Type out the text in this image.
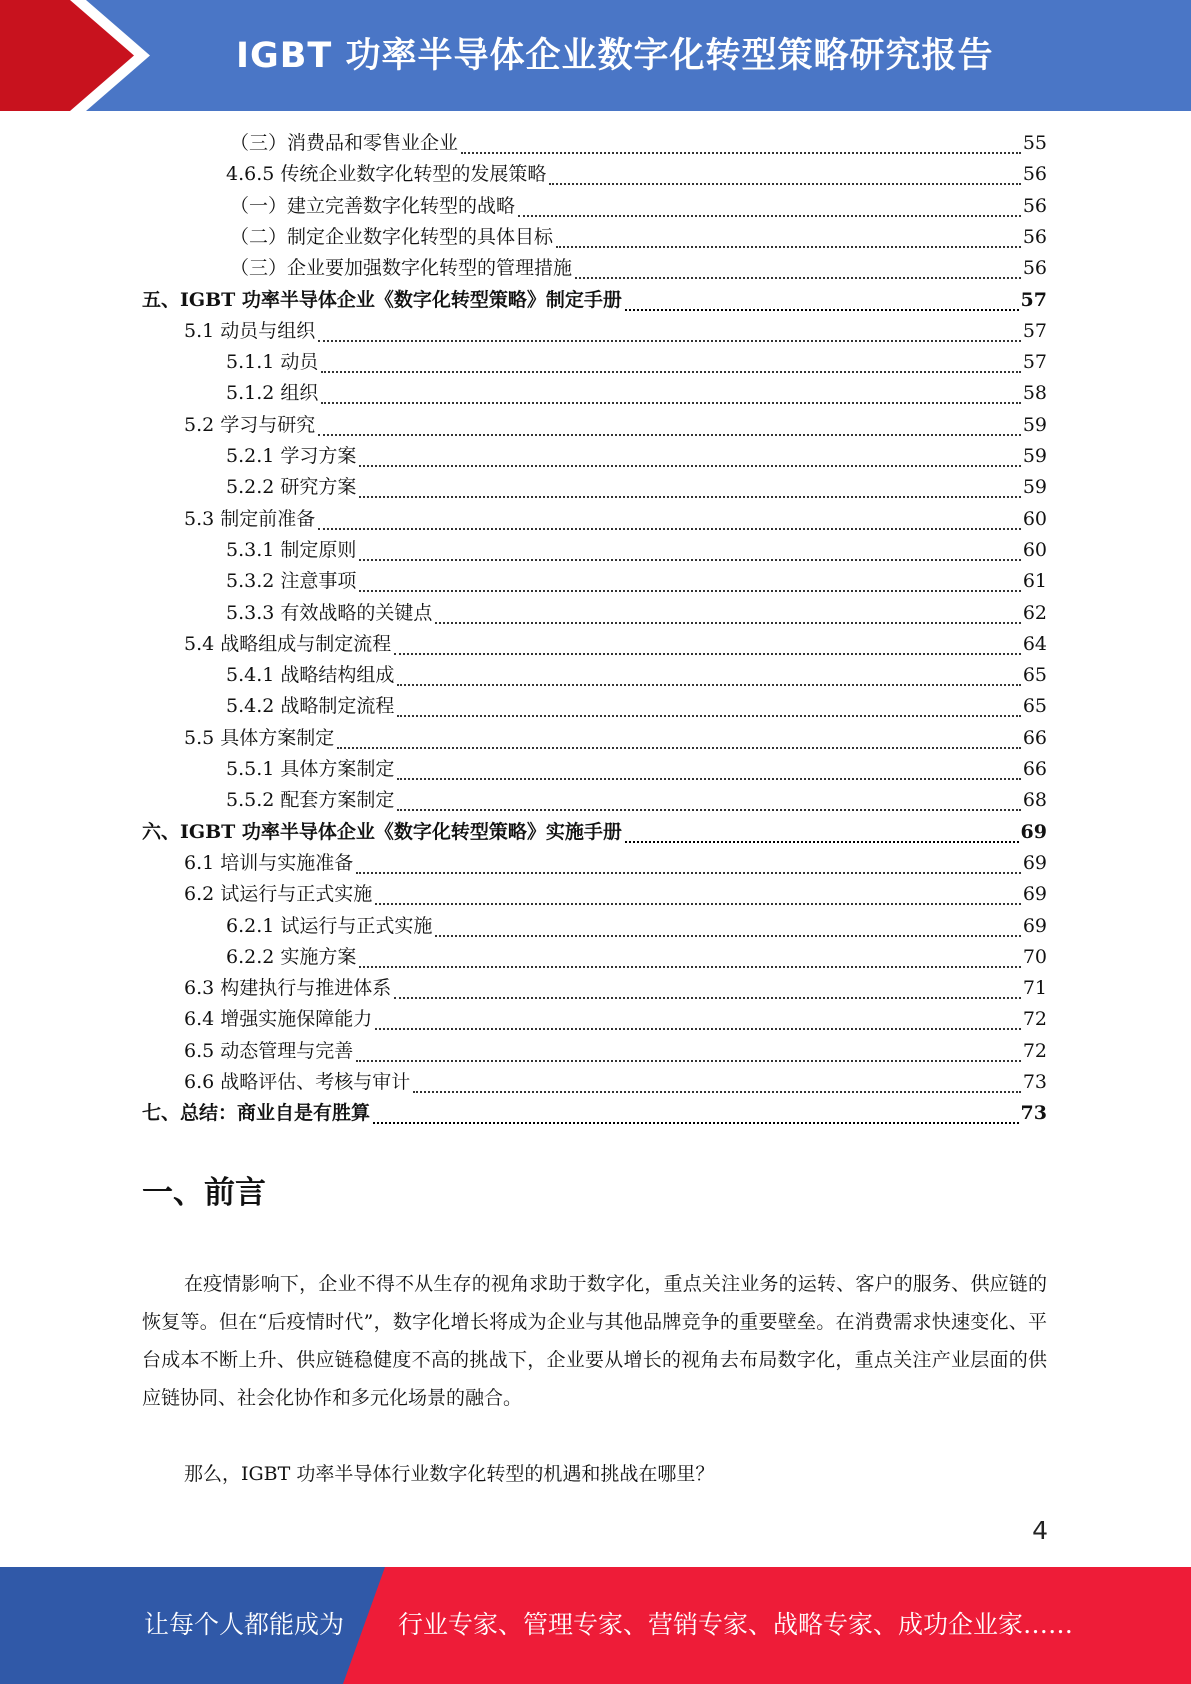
IGBT 功率半导体企业数字化转型策略研究报告
（三）消费品和零售业企业	55
4.6.5 传统企业数字化转型的发展策略	56
（一）建立完善数字化转型的战略	56
（二）制定企业数字化转型的具体目标	56
（三）企业要加强数字化转型的管理措施	56
五、IGBT 功率半导体企业《数字化转型策略》制定手册	57
5.1 动员与组织	57
5.1.1 动员	57
5.1.2 组织	58
5.2 学习与研究	59
5.2.1 学习方案	59
5.2.2 研究方案	59
5.3 制定前准备	60
5.3.1 制定原则	60
5.3.2 注意事项	61
5.3.3 有效战略的关键点	62
5.4 战略组成与制定流程	64
5.4.1 战略结构组成	65
5.4.2 战略制定流程	65
5.5 具体方案制定	66
5.5.1 具体方案制定	66
5.5.2 配套方案制定	68
六、IGBT 功率半导体企业《数字化转型策略》实施手册	69
6.1 培训与实施准备	69
6.2 试运行与正式实施	69
6.2.1 试运行与正式实施	69
6.2.2 实施方案	70
6.3 构建执行与推进体系	71
6.4 增强实施保障能力	72
6.5 动态管理与完善	72
6.6 战略评估、考核与审计	73
七、总结：商业自是有胜算	73
一、前言
在疫情影响下，企业不得不从生存的视角求助于数字化，重点关注业务的运转、客户的服务、供应链的恢复等。但在“后疫情时代”，数字化增长将成为企业与其他品牌竞争的重要壁垒。在消费需求快速变化、平台成本不断上升、供应链稳健度不高的挑战下，企业要从增长的视角去布局数字化，重点关注产业层面的供应链协同、社会化协作和多元化场景的融合。
那么，IGBT 功率半导体行业数字化转型的机遇和挑战在哪里？
4
让每个人都能成为 行业专家、管理专家、营销专家、战略专家、成功企业家……
